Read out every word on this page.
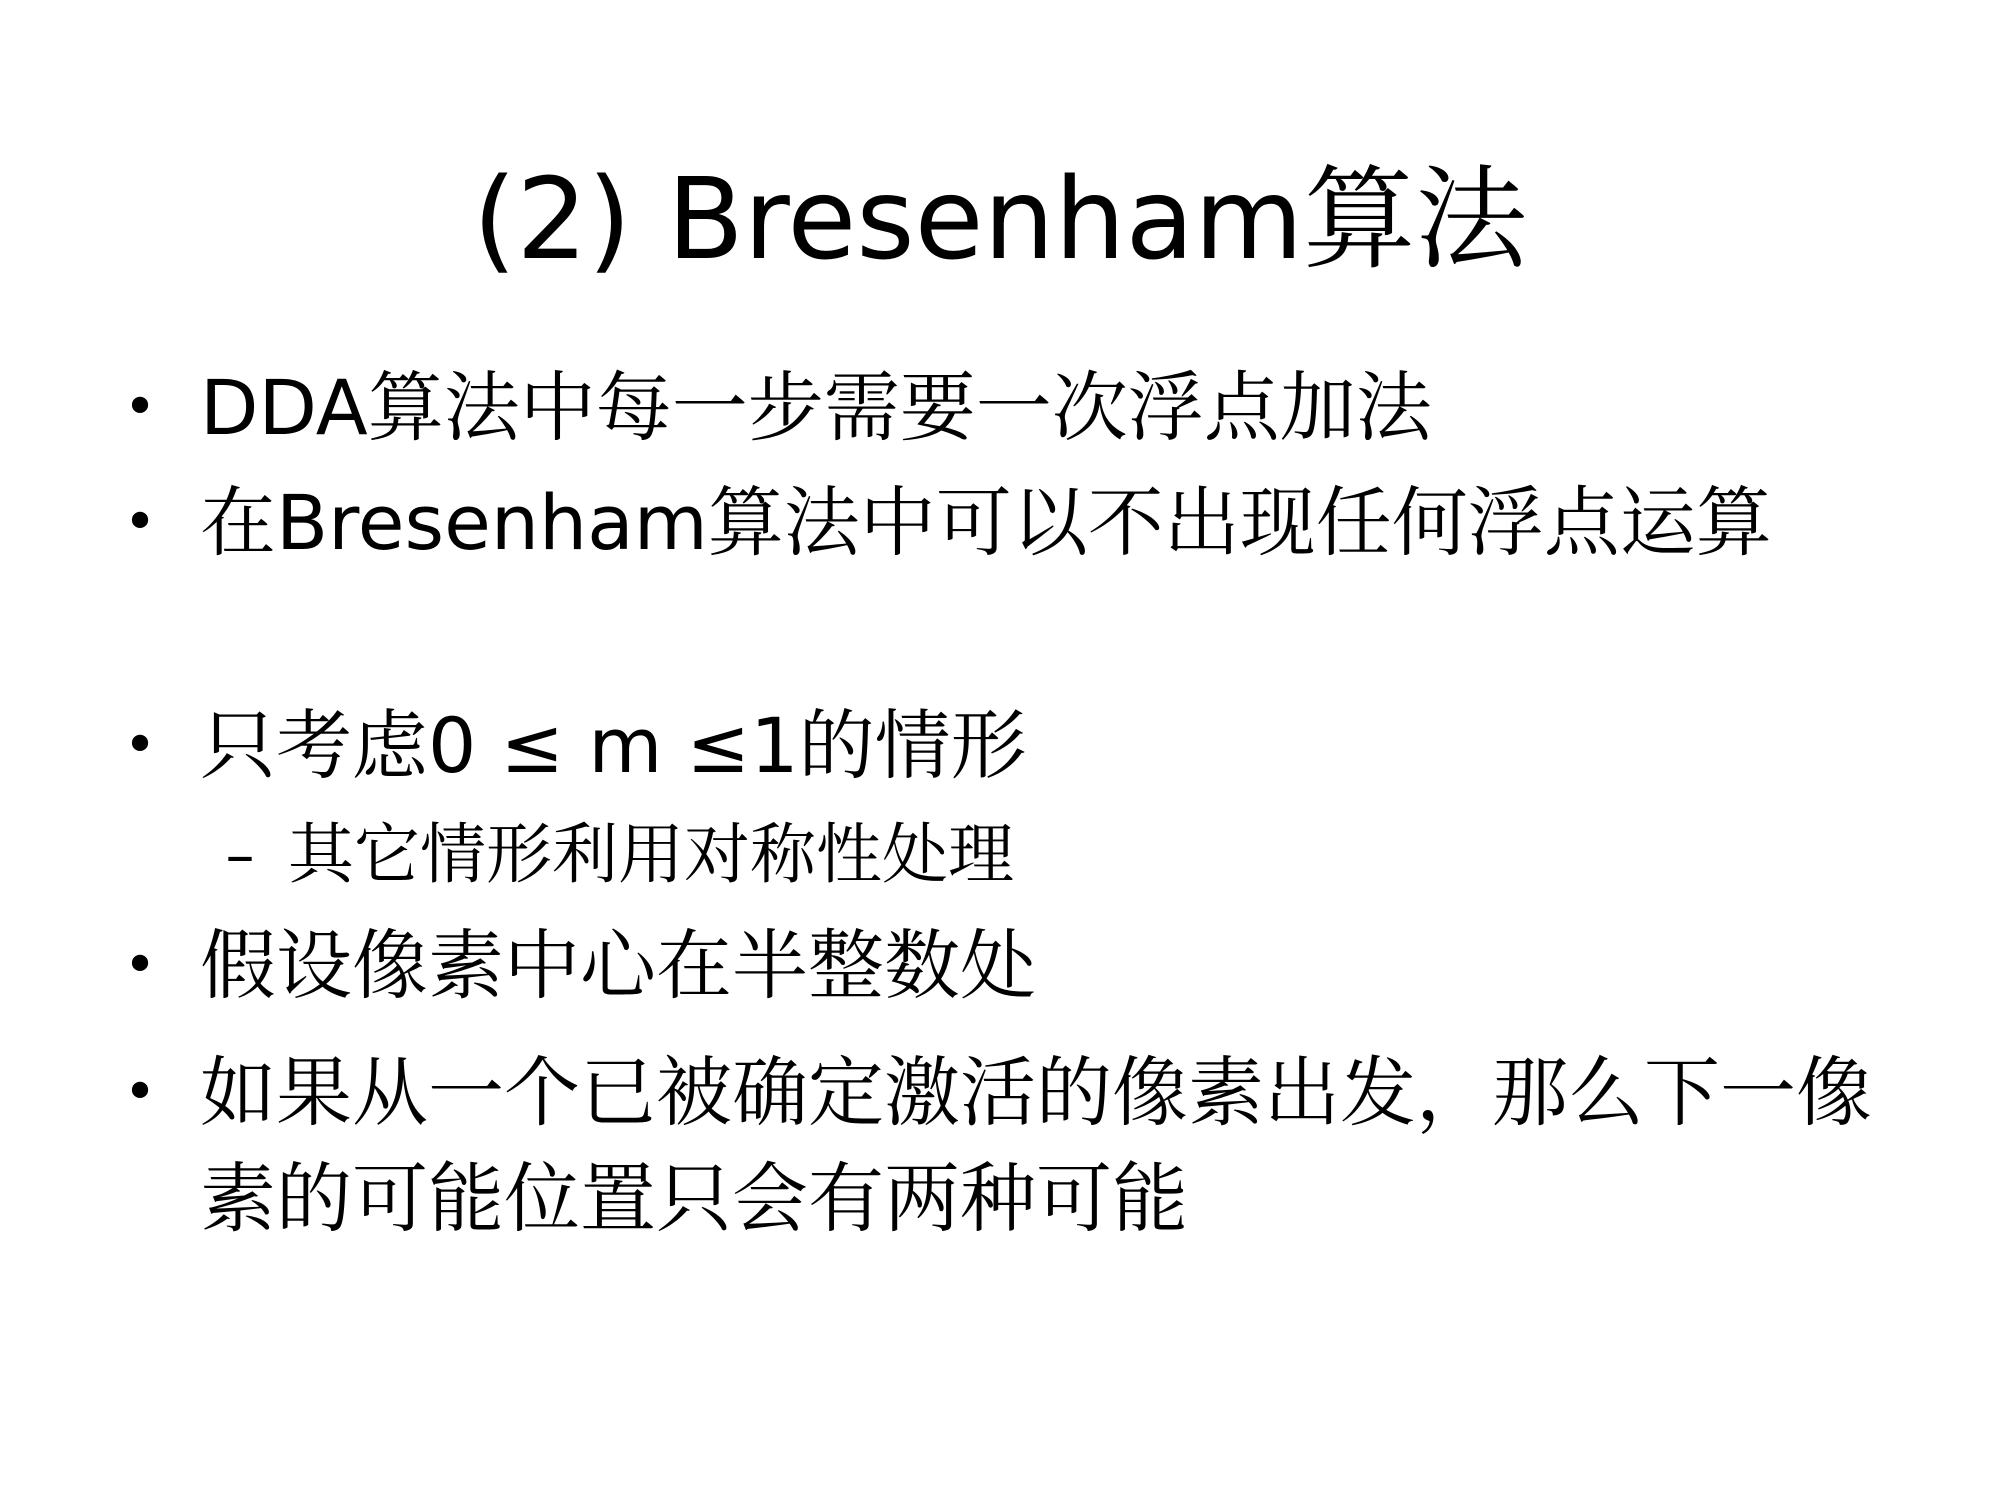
(2) Bresenham算法
• DDA算法中每一步需要一次浮点加法
• 在Bresenham算法中可以不出现任何浮点运算
• 只考虑0 ≤ m ≤1的情形
– 其它情形利用对称性处理
• 假设像素中心在半整数处
• 如果从一个已被确定激活的像素出发，那么下一像素的可能位置只会有两种可能
